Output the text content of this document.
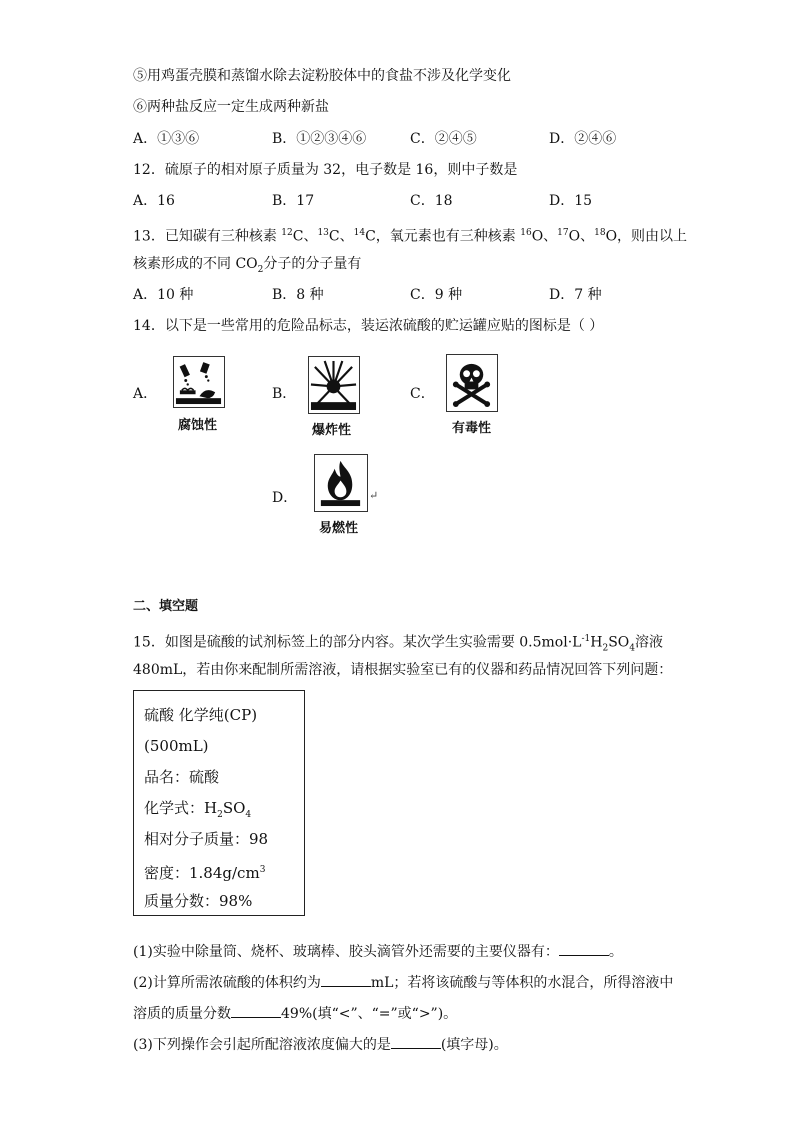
⑤用鸡蛋壳膜和蒸馏水除去淀粉胶体中的食盐不涉及化学变化
⑥两种盐反应一定生成两种新盐
A．①③⑥	B．①②③④⑥	C．②④⑤	D．②④⑥
12．硫原子的相对原子质量为 32，电子数是 16，则中子数是
A．16	B．17	C．18	D．15
13．已知碳有三种核素 $^{12}$C、$^{13}$C、$^{14}$C，氧元素也有三种核素 $^{16}$O、$^{17}$O、$^{18}$O，则由以上
核素形成的不同 $CO_2$分子的分子量有
A．10 种	B．8 种	C．9 种	D．7 种
14．以下是一些常用的危险品标志，装运浓硫酸的贮运罐应贴的图标是（ ）
A．
腐蚀性
B．
爆炸性
C．
有毒性
D．	↵
易燃性
二、填空题
15．如图是硫酸的试剂标签上的部分内容。某次学生实验需要 $0.5mol\cdot L^{-1}H_2SO_4$溶液
480mL，若由你来配制所需溶液，请根据实验室已有的仪器和药品情况回答下列问题：
硫酸 化学纯(CP)
(500mL)
品名：硫酸
化学式：$H_2SO_4$
相对分子质量：98
密度：$1.84g/cm^3$
质量分数：98%
(1)实验中除量筒、烧杯、玻璃棒、胶头滴管外还需要的主要仪器有：	。
(2)计算所需浓硫酸的体积约为	mL；若将该硫酸与等体积的水混合，所得溶液中
溶质的质量分数	49%(填“<”、“=”或“>”)。
(3)下列操作会引起所配溶液浓度偏大的是	(填字母)。
